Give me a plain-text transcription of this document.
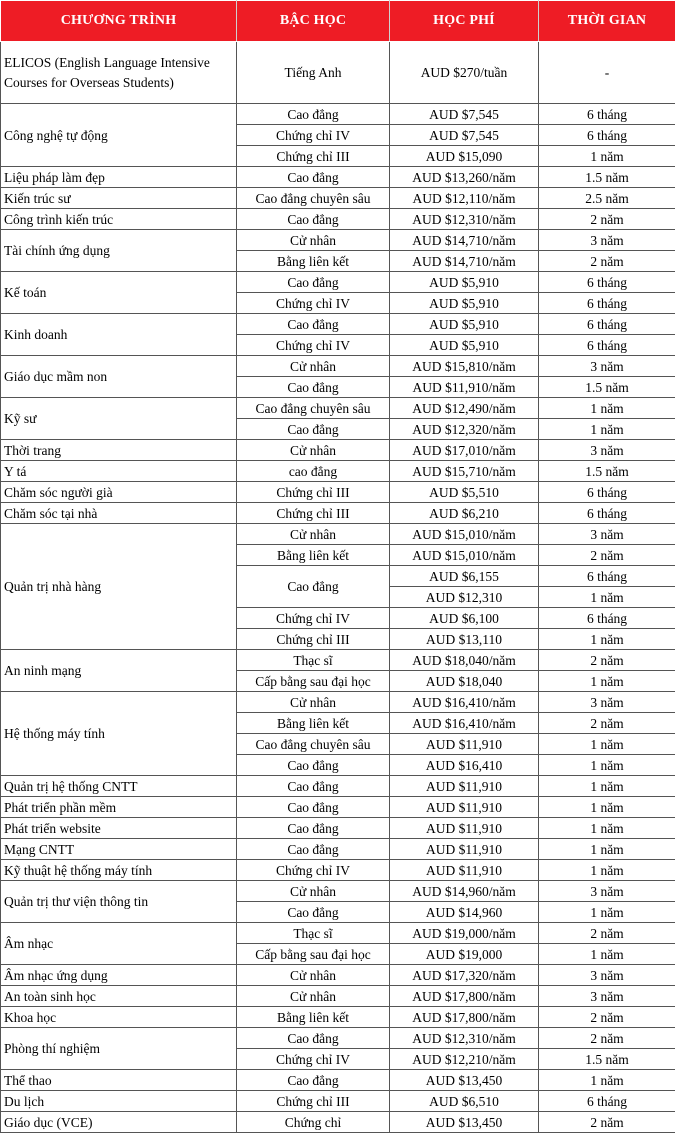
CHƯƠNG TRÌNH	BẬC HỌC	HỌC PHÍ	THỜI GIAN
ELICOS (English Language Intensive Courses for Overseas Students)	Tiếng Anh	AUD $270/tuần	-
Công nghệ tự động	Cao đẳng	AUD $7,545	6 tháng
	Chứng chỉ IV	AUD $7,545	6 tháng
	Chứng chỉ III	AUD $15,090	1 năm
Liệu pháp làm đẹp	Cao đẳng	AUD $13,260/năm	1.5 năm
Kiến trúc sư	Cao đẳng chuyên sâu	AUD $12,110/năm	2.5 năm
Công trình kiến trúc	Cao đẳng	AUD $12,310/năm	2 năm
Tài chính ứng dụng	Cử nhân	AUD $14,710/năm	3 năm
	Bằng liên kết	AUD $14,710/năm	2 năm
Kế toán	Cao đẳng	AUD $5,910	6 tháng
	Chứng chỉ IV	AUD $5,910	6 tháng
Kinh doanh	Cao đẳng	AUD $5,910	6 tháng
	Chứng chỉ IV	AUD $5,910	6 tháng
Giáo dục mầm non	Cử nhân	AUD $15,810/năm	3 năm
	Cao đẳng	AUD $11,910/năm	1.5 năm
Kỹ sư	Cao đẳng chuyên sâu	AUD $12,490/năm	1 năm
	Cao đẳng	AUD $12,320/năm	1 năm
Thời trang	Cử nhân	AUD $17,010/năm	3 năm
Y tá	cao đẳng	AUD $15,710/năm	1.5 năm
Chăm sóc người già	Chứng chỉ III	AUD $5,510	6 tháng
Chăm sóc tại nhà	Chứng chỉ III	AUD $6,210	6 tháng
Quản trị nhà hàng	Cử nhân	AUD $15,010/năm	3 năm
	Bằng liên kết	AUD $15,010/năm	2 năm
	Cao đẳng	AUD $6,155	6 tháng
		AUD $12,310	1 năm
	Chứng chỉ IV	AUD $6,100	6 tháng
	Chứng chỉ III	AUD $13,110	1 năm
An ninh mạng	Thạc sĩ	AUD $18,040/năm	2 năm
	Cấp bằng sau đại học	AUD $18,040	1 năm
Hệ thống máy tính	Cử nhân	AUD $16,410/năm	3 năm
	Bằng liên kết	AUD $16,410/năm	2 năm
	Cao đẳng chuyên sâu	AUD $11,910	1 năm
	Cao đẳng	AUD $16,410	1 năm
Quản trị hệ thống CNTT	Cao đẳng	AUD $11,910	1 năm
Phát triển phần mềm	Cao đẳng	AUD $11,910	1 năm
Phát triển website	Cao đẳng	AUD $11,910	1 năm
Mạng CNTT	Cao đẳng	AUD $11,910	1 năm
Kỹ thuật hệ thống máy tính	Chứng chỉ IV	AUD $11,910	1 năm
Quản trị thư viện thông tin	Cử nhân	AUD $14,960/năm	3 năm
	Cao đẳng	AUD $14,960	1 năm
Âm nhạc	Thạc sĩ	AUD $19,000/năm	2 năm
	Cấp bằng sau đại học	AUD $19,000	1 năm
Âm nhạc ứng dụng	Cử nhân	AUD $17,320/năm	3 năm
An toàn sinh học	Cử nhân	AUD $17,800/năm	3 năm
Khoa học	Bằng liên kết	AUD $17,800/năm	2 năm
Phòng thí nghiệm	Cao đẳng	AUD $12,310/năm	2 năm
	Chứng chỉ IV	AUD $12,210/năm	1.5 năm
Thể thao	Cao đẳng	AUD $13,450	1 năm
Du lịch	Chứng chỉ III	AUD $6,510	6 tháng
Giáo dục (VCE)	Chứng chỉ	AUD $13,450	2 năm
